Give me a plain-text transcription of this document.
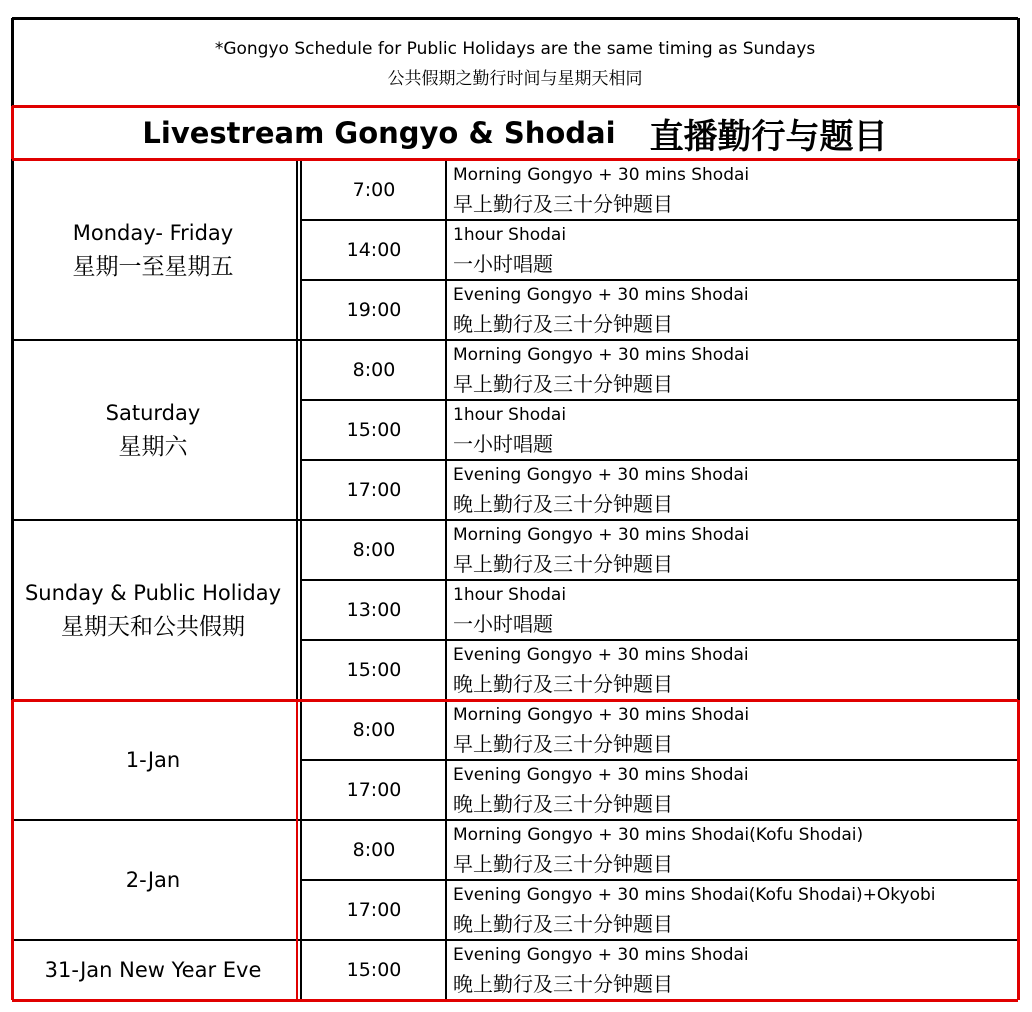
*Gongyo Schedule for Public Holidays are the same timing as Sundays
公共假期之勤行时间与星期天相同
Livestream Gongyo & Shodai 直播勤行与题目
Monday- Friday
星期一至星期五
7:00
Morning Gongyo + 30 mins Shodai
早上勤行及三十分钟题目
14:00
1hour Shodai
一小时唱题
19:00
Evening Gongyo + 30 mins Shodai
晚上勤行及三十分钟题目
Saturday
星期六
8:00
Morning Gongyo + 30 mins Shodai
早上勤行及三十分钟题目
15:00
1hour Shodai
一小时唱题
17:00
Evening Gongyo + 30 mins Shodai
晚上勤行及三十分钟题目
Sunday & Public Holiday
星期天和公共假期
8:00
Morning Gongyo + 30 mins Shodai
早上勤行及三十分钟题目
13:00
1hour Shodai
一小时唱题
15:00
Evening Gongyo + 30 mins Shodai
晚上勤行及三十分钟题目
1-Jan
8:00
Morning Gongyo + 30 mins Shodai
早上勤行及三十分钟题目
17:00
Evening Gongyo + 30 mins Shodai
晚上勤行及三十分钟题目
2-Jan
8:00
Morning Gongyo + 30 mins Shodai(Kofu Shodai)
早上勤行及三十分钟题目
17:00
Evening Gongyo + 30 mins Shodai(Kofu Shodai)+Okyobi
晚上勤行及三十分钟题目
31-Jan New Year Eve	15:00
Evening Gongyo + 30 mins Shodai
晚上勤行及三十分钟题目
